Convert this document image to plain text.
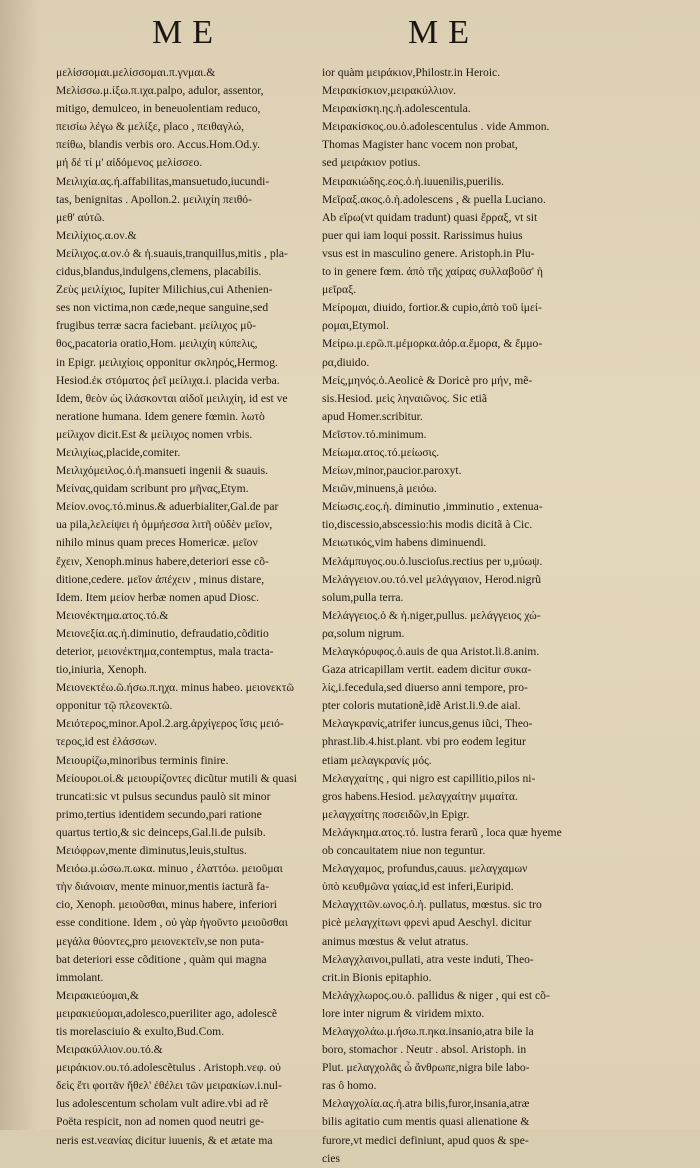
ME	ME
μελίσσομαι.μελίσσομαι.π.γνμαι.&
Μελίσσω.μ.ίξω.π.ιχα.palpo, adulor, assentor,
mitigo, demulceo, in beneuolentiam reduco,
πεισίω λέγω & μελίξε, placo , πειθαγλώ,
πείθω, blandis verbis oro. Accus.Hom.Od.y.
μή δέ τί μ' αἰδόμενος μελίσσεο.
Μειλιχία.ας.ή.affabilitas,mansuetudo,iucundi-
tas, benignitas . Apollon.2. μειλιχίη πειθό-
μεθ' αὐτῶ.
Μειλίχιος.α.ον.&
Μείλιχος.α.ον.ὁ & ἡ.suauis,tranquillus,mitis , pla-
cidus,blandus,indulgens,clemens, placabilis.
Ζεὺς μειλίχιος, Iupiter Milichius,cui Athenien-
ses non victima,non cæde,neque sanguine,sed
frugibus terræ sacra faciebant. μείλιχος μῦ-
θος,pacatoria oratio,Hom. μειλιχίη κύπελις,
in Epigr. μειλιχίοις opponitur σκληρός,Hermog.
Hesiod.ἐκ στόματος ῥεῖ μείλιχα.i. placida verba.
Idem, θεὸν ὡς ἱλάσκονται αἰδοῖ μειλιχίη, id est ve
neratione humana. Idem genere fœmin. λωτὸ
μείλιχον dicit.Est & μείλιχος nomen vrbis.
Μειλιχίως,placide,comiter.
Μειλιχόμειλος.ὁ.ἡ.mansueti ingenii & suauis.
Μείνας,quidam scribunt pro μῆνας,Etym.
Μείον.ονος.τό.minus.& aduerbialiter,Gal.de par
ua pila,λελείψει ἡ ὀμμήεσσα λιτῆ οὐδὲν μεῖον,
nihilo minus quam preces Homericæ. μεῖον
ἔχειν, Xenoph.minus habere,deteriori esse cõ-
ditione,cedere. μεῖον ἀπέχειν , minus distare,
Idem. Item μείον herbæ nomen apud Diosc.
Μειονέκτημα.ατος.τό.&
Μειονεξία.ας.ἡ.diminutio, defraudatio,cõditio
deterior, μειονέκτημα,contemptus, mala tracta-
tio,iniuria, Xenoph.
Μειονεκτέω.ῶ.ήσω.π.ηχα. minus habeo. μειονεκτῶ
opponitur τῷ πλεονεκτῶ.
Μειότερος,minor.Apol.2.arg.ἀρχίγερος ἴσις μειό-
τερος,id est ἐλάσσων.
Μειουρίζω,minoribus terminis finire.
Μείουροι.οἱ.& μειουρίζοντες dicũtur mutili & quasi
truncati:sic vt pulsus secundus paulò sit minor
primo,tertius identidem secundo,pari ratione
quartus tertio,& sic deinceps,Gal.li.de pulsib.
Μειόφρων,mente diminutus,leuis,stultus.
Μειόω.μ.ώσω.π.ωκα. minuo , ἐλαττόω. μειοῦμαι
τὴν διάνοιαν, mente minuor,mentis iacturã fa-
cio, Xenoph. μειοῦσθαι, minus habere, inferiori
esse conditione. Idem , οὐ γὰρ ἡγοῦντο μειοῦσθαι
μεγάλα θύοντες,pro μειονεκτεῖν,se non puta-
bat deteriori esse cõditione , quàm qui magna
immolant.
Μειρακιεύομαι,&
μειρακιεύομαι,adolesco,pueriliter ago, adolescẽ
tis morelasciuio & exulto,Bud.Com.
Μειρακύλλιον.ου.τό.&
μειράκιον.ου.τό.adolescẽtulus . Aristoph.νεφ. οὐ
δεὶς ἔτι φοιτᾶν ἤθελ' ἐθέλει τῶν μειρακίων.i.nul-
lus adolescentum scholam vult adire.vbi ad rẽ
Poëta respicit, non ad nomen quod neutri ge-
neris est.νεανίας dicitur iuuenis, & et ætate ma
ior quàm μειράκιον,Philostr.in Heroic.
Μειρακίσκιον,μειρακύλλιον.
Μειρακίσκη.ης.ἡ.adolescentula.
Μειρακίσκος.ου.ὁ.adolescentulus . vide Ammon.
Thomas Magister hanc vocem non probat,
sed μειράκιον potius.
Μειρακιώδης.εος.ὁ.ἡ.iuuenilis,puerilis.
Μεῖραξ.ακος.ὁ.ἡ.adolescens , & puella Luciano.
Ab εἴρω(vt quidam tradunt) quasi ἔρραξ, vt sit
puer qui iam loqui possit. Rarissimus huius
vsus est in masculino genere. Aristoph.in Plu-
to in genere fœm. ἀπὸ τῆς χαίρας συλλαβοῦσ' ἡ
μεῖραξ.
Μείρομαι, diuido, fortior.& cupio,ἀπὸ τοῦ ἱμεί-
ρομαι,Etymol.
Μείρω.μ.ερῶ.π.μέμορκα.ἀόρ.α.ἔμορα, & ἔμμο-
ρα,diuido.
Μείς,μηνός.ὁ.Aeolicè & Doricè pro μήν, mẽ-
sis.Hesiod. μεὶς ληναιῶνος. Sic etiã
apud Homer.scribitur.
Μεῖστον.τό.minimum.
Μείωμα.ατος.τό.μείωσις.
Μείων,minor,paucior.paroxyt.
Μειῶν,minuens,à μειόω.
Μείωσις.εος.ἡ. diminutio ,imminutio , extenua-
tio,discessio,abscessio:his modis dicitã à Cic.
Μειωτικός,vim habens diminuendi.
Μελάμπυγος.ου.ὁ.luscioſus.rectius per υ,μύωψ.
Μελάγγειον.ου.τό.vel μελάγγαιον, Herod.nigrũ
solum,pulla terra.
Μελάγγειος.ὁ & ἡ.niger,pullus. μελάγγειος χώ-
ρα,solum nigrum.
Μελαγκόρυφος.ὁ.auis de qua Aristot.li.8.anim.
Gaza atricapillam vertit. eadem dicitur συκα-
λίς,i.fecedula,sed diuerso anni tempore, pro-
pter coloris mutationẽ,idẽ Arist.li.9.de aial.
Μελαγκρανίς,atrifer iuncus,genus iũci, Theo-
phrast.lib.4.hist.plant. vbi pro eodem legitur
etiam μελαγκρανίς μός.
Μελαγχαίτης , qui nigro est capillitio,pilos ni-
gros habens.Hesiod. μελαγχαίτην μιμαίτα.
μελαγχαίτης ποσειδῶν,in Epigr.
Μελάγκημα.ατος.τό. lustra ferarũ , loca quæ hyeme
ob concauitatem niue non teguntur.
Μελαγχαμος, profundus,cauus. μελαγχαμων
ὑπὸ κευθμῶνα γαίας,id est inferi,Euripid.
Μελαγχιτῶν.ωνος.ὁ.ἡ. pullatus, mœstus. sic tro
picè μελαγχίτωνι φρενὶ apud Aeschyl. dicitur
animus mœstus & velut atratus.
Μελαγχλαινοι,pullati, atra veste induti, Theo-
crit.in Bionis epitaphio.
Μελάγχλωρος.ου.ὁ. pallidus & niger , qui est cõ-
lore inter nigrum & viridem mixto.
Μελαγχολάω.μ.ήσω.π.ηκα.insanio,atra bile la
boro, stomachor . Neutr . absol. Aristoph. in
Plut. μελαγχολᾶς ὦ ἄνθρωπε,nigra bile labo-
ras ô homo.
Μελαγχολία.ας.ἡ.atra bilis,furor,insania,atræ
bilis agitatio cum mentis quasi alienatione &
furore,vt medici definiunt, apud quos & spe-
cies
